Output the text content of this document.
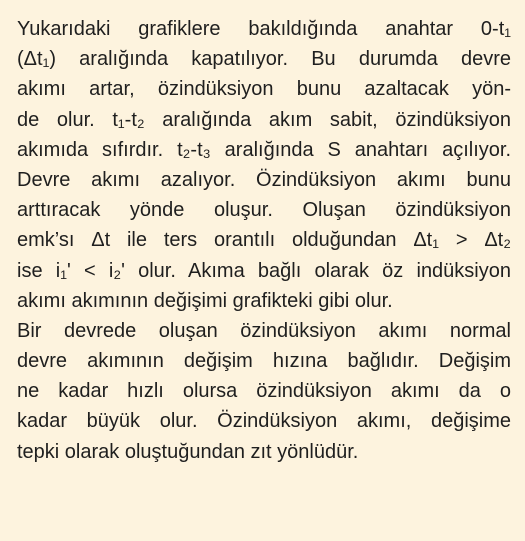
Yukarıdaki grafiklere bakıldığında anahtar 0-t₁
(Δt₁) aralığında kapatılıyor. Bu durumda devre
akımı artar, özindüksiyon bunu azaltacak yön-
de olur. t₁-t₂ aralığında akım sabit, özindüksiyon
akımıda sıfırdır. t₂-t₃ aralığında S anahtarı açılıyor.
Devre akımı azalıyor. Özindüksiyon akımı bunu
arttıracak yönde oluşur. Oluşan özindüksiyon
emk’sı Δt ile ters orantılı olduğundan Δt₁ > Δt₂
ise i₁' < i₂' olur. Akıma bağlı olarak öz indüksiyon
akımı akımının değişimi grafikteki gibi olur.
Bir devrede oluşan özindüksiyon akımı normal
devre akımının değişim hızına bağlıdır. Değişim
ne kadar hızlı olursa özindüksiyon akımı da o
kadar büyük olur. Özindüksiyon akımı, değişime
tepki olarak oluştuğundan zıt yönlüdür.
